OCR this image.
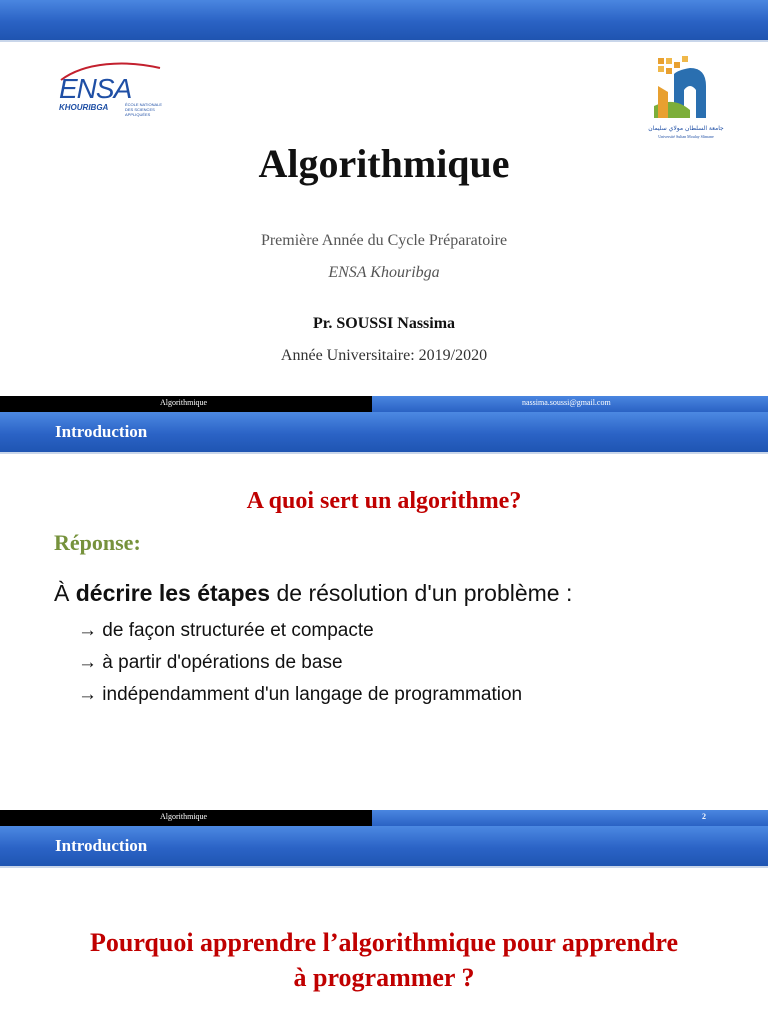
ENSA
KHOURIBGA	ÉCOLE NATIONALE
DES SCIENCES
APPLIQUÉES
جامعة السلطان مولاي سليمان
Université Sultan Moulay Slimane
Algorithmique
Première Année du Cycle Préparatoire
ENSA Khouribga
Pr. SOUSSI Nassima
Année Universitaire: 2019/2020
Algorithmique	nassima.soussi@gmail.com
Introduction
A quoi sert un algorithme?
Réponse:
À décrire les étapes de résolution d'un problème :
→ de façon structurée et compacte
→ à partir d'opérations de base
→ indépendamment d'un langage de programmation
Algorithmique	2
Introduction
Pourquoi apprendre l’algorithmique pour apprendre
à programmer ?
